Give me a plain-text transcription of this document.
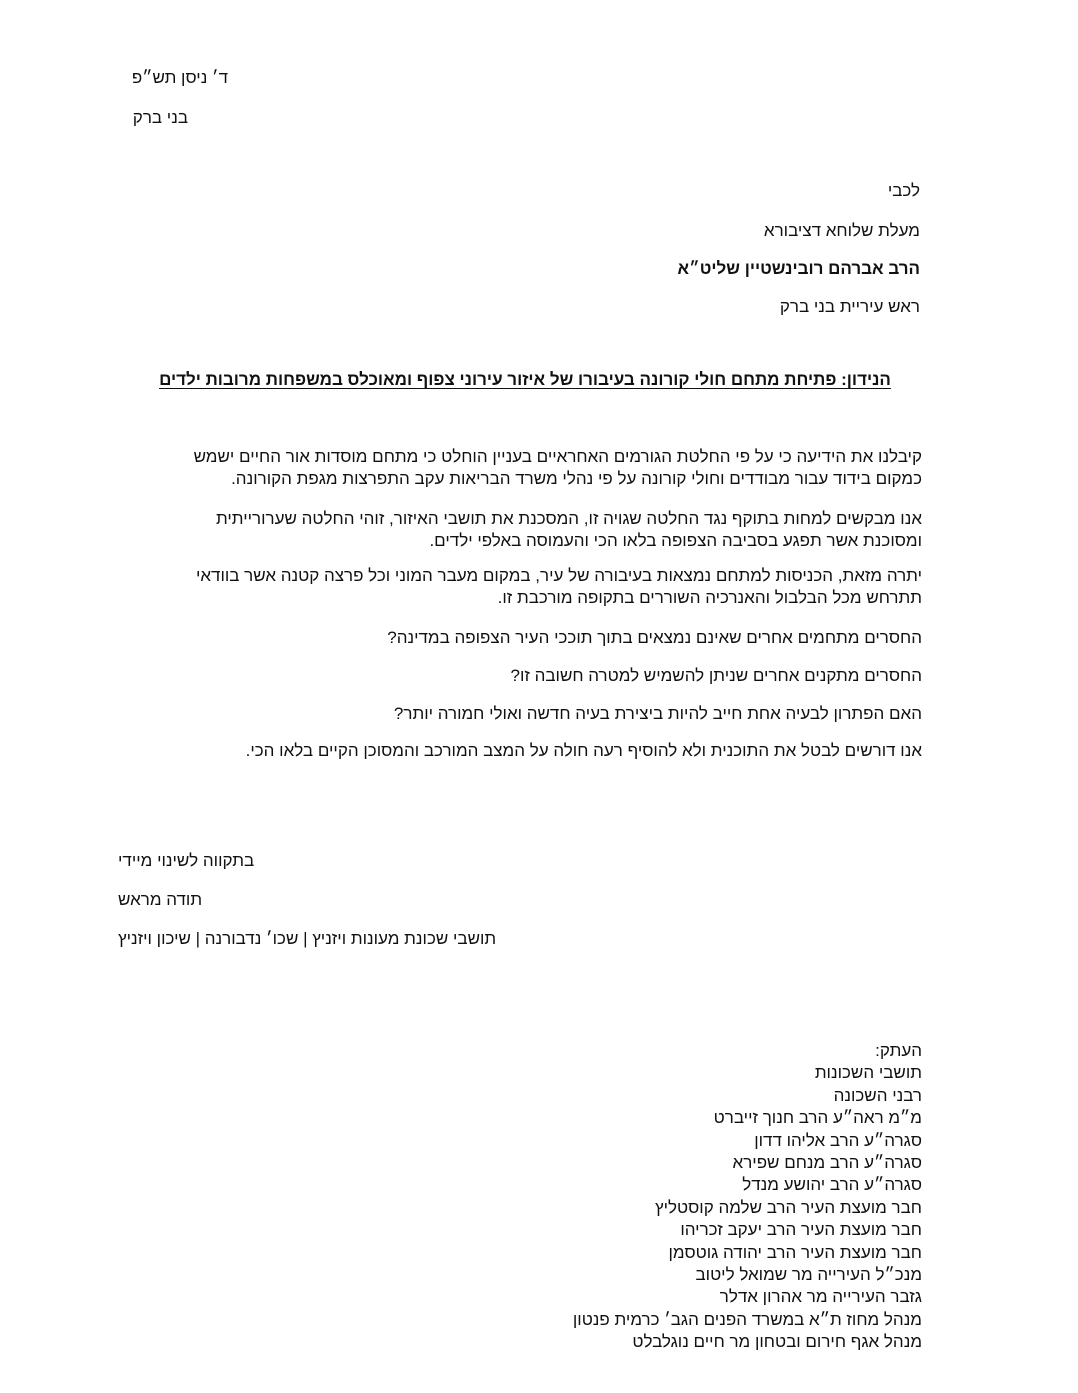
ד׳ ניסן תש״פ
בני ברק
לכבי
מעלת שלוחא דציבורא
הרב אברהם רובינשטיין שליט״א
ראש עיריית בני ברק
הנידון: פתיחת מתחם חולי קורונה בעיבורו של איזור עירוני צפוף ומאוכלס במשפחות מרובות ילדים
קיבלנו את הידיעה כי על פי החלטת הגורמים האחראיים בעניין הוחלט כי מתחם מוסדות אור החיים ישמש
כמקום בידוד עבור מבודדים וחולי קורונה על פי נהלי משרד הבריאות עקב התפרצות מגפת הקורונה.
אנו מבקשים למחות בתוקף נגד החלטה שגויה זו, המסכנת את תושבי האיזור, זוהי החלטה שערורייתית
ומסוכנת אשר תפגע בסביבה הצפופה בלאו הכי והעמוסה באלפי ילדים.
יתרה מזאת, הכניסות למתחם נמצאות בעיבורה של עיר, במקום מעבר המוני וכל פרצה קטנה אשר בוודאי
תתרחש מכל הבלבול והאנרכיה השוררים בתקופה מורכבת זו.
החסרים מתחמים אחרים שאינם נמצאים בתוך תוככי העיר הצפופה במדינה?
החסרים מתקנים אחרים שניתן להשמיש למטרה חשובה זו?
האם הפתרון לבעיה אחת חייב להיות ביצירת בעיה חדשה ואולי חמורה יותר?
אנו דורשים לבטל את התוכנית ולא להוסיף רעה חולה על המצב המורכב והמסוכן הקיים בלאו הכי.
בתקווה לשינוי מיידי
תודה מראש
תושבי שכונת מעונות ויזניץ | שכו׳ נדבורנה | שיכון ויזניץ
העתק:
תושבי השכונות
רבני השכונה
מ״מ ראה״ע הרב חנוך זייברט
סגרה״ע הרב אליהו דדון
סגרה״ע הרב מנחם שפירא
סגרה״ע הרב יהושע מנדל
חבר מועצת העיר הרב שלמה קוסטליץ
חבר מועצת העיר הרב יעקב זכריהו
חבר מועצת העיר הרב יהודה גוטסמן
מנכ״ל העירייה מר שמואל ליטוב
גזבר העירייה מר אהרון אדלר
מנהל מחוז ת״א במשרד הפנים הגב׳ כרמית פנטון
מנהל אגף חירום ובטחון מר חיים נוגלבלט
